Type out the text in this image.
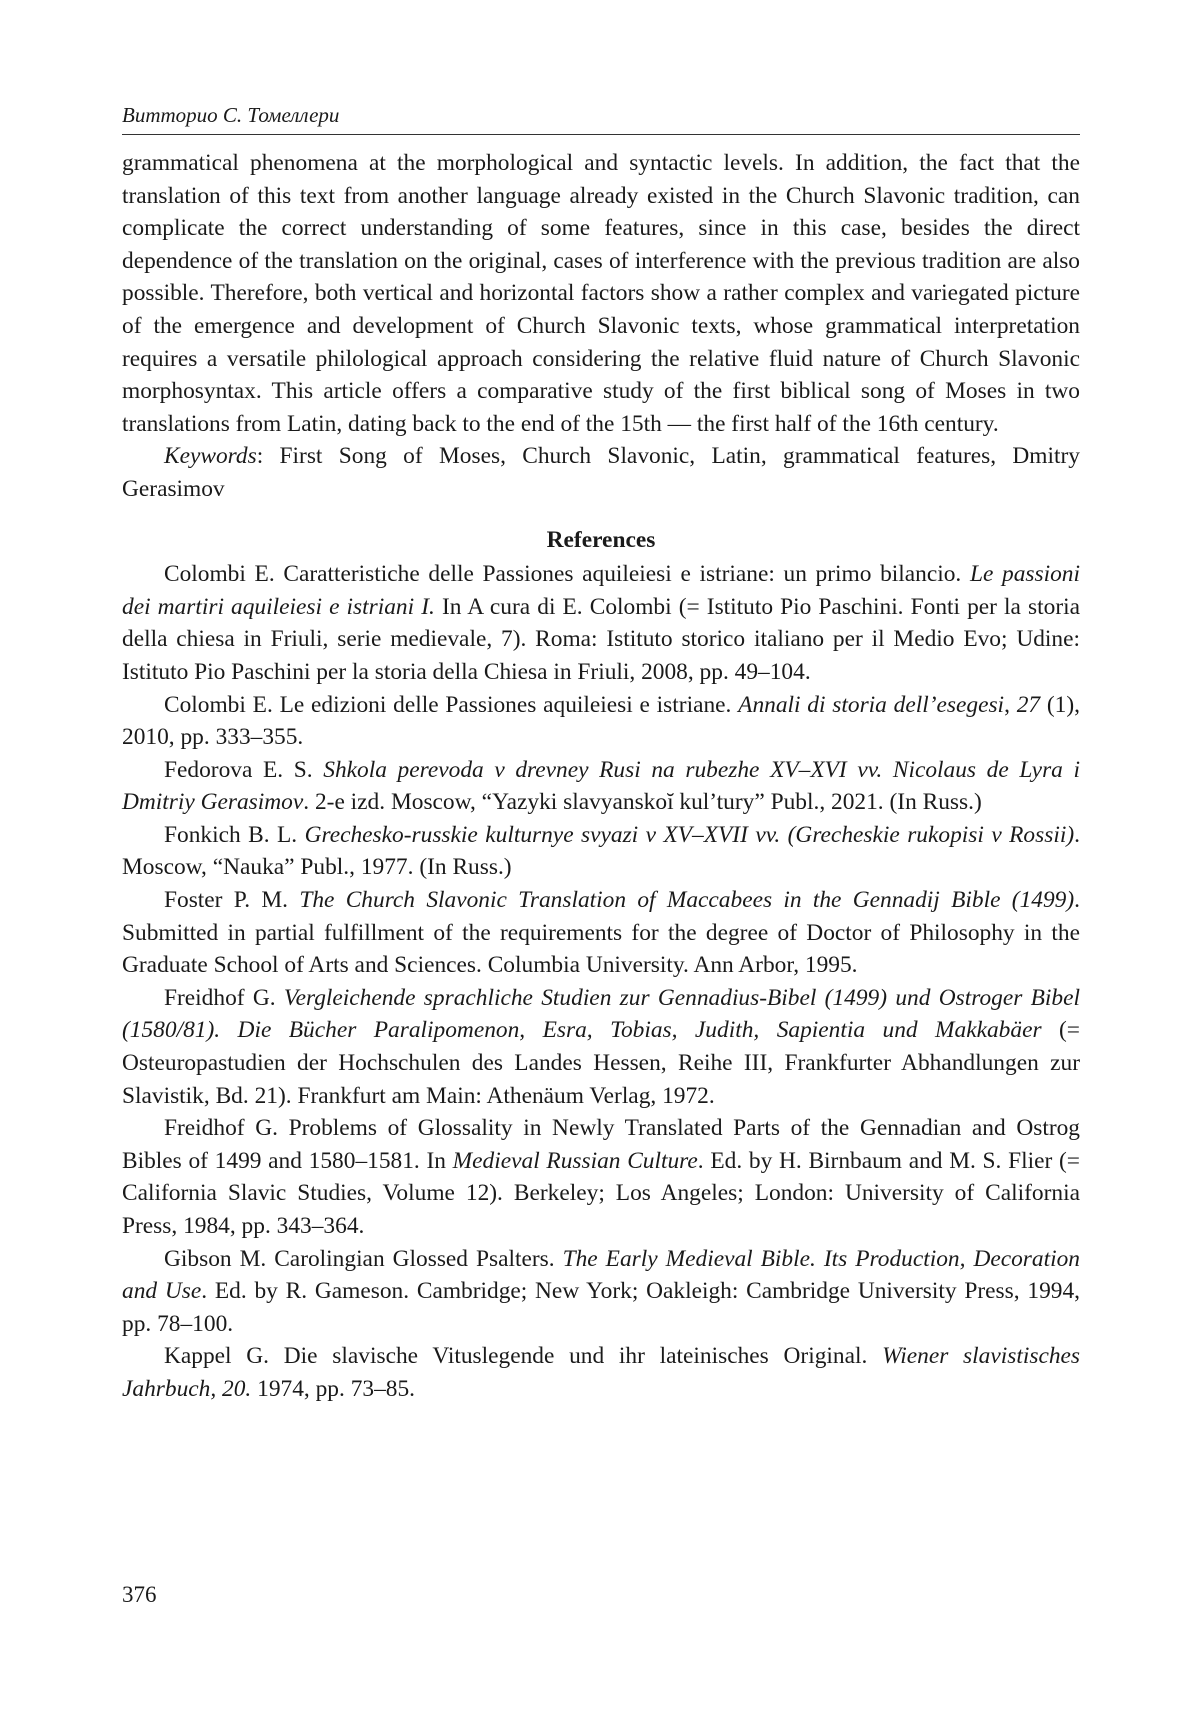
Витторио С. Томеллери

grammatical phenomena at the morphological and syntactic levels. In addition, the fact that the translation of this text from another language already existed in the Church Slavonic tradition, can complicate the correct understanding of some features, since in this case, besides the direct dependence of the translation on the original, cases of interference with the previous tradition are also possible. Therefore, both vertical and horizontal factors show a rather complex and variegated picture of the emergence and development of Church Slavonic texts, whose grammatical interpretation requires a versatile philological approach considering the relative fluid nature of Church Slavonic morphosyntax. This article offers a comparative study of the first biblical song of Moses in two translations from Latin, dating back to the end of the 15th — the first half of the 16th century.

Keywords: First Song of Moses, Church Slavonic, Latin, grammatical features, Dmitry Gerasimov

References

Colombi E. Caratteristiche delle Passiones aquileiesi e istriane: un primo bilancio. Le passioni dei martiri aquileiesi e istriani I. In A cura di E. Colombi (= Istituto Pio Paschini. Fonti per la storia della chiesa in Friuli, serie medievale, 7). Roma: Istituto storico italiano per il Medio Evo; Udine: Istituto Pio Paschini per la storia della Chiesa in Friuli, 2008, pp. 49–104.

Colombi E. Le edizioni delle Passiones aquileiesi e istriane. Annali di storia dell’esegesi, 27 (1), 2010, pp. 333–355.

Fedorova E. S. Shkola perevoda v drevney Rusi na rubezhe XV–XVI vv. Nicolaus de Lyra i Dmitriy Gerasimov. 2-e izd. Moscow, “Yazyki slavyanskoĭ kul’tury” Publ., 2021. (In Russ.)

Fonkich B. L. Grechesko-russkie kulturnye svyazi v XV–XVII vv. (Grecheskie rukopisi v Rossii). Moscow, “Nauka” Publ., 1977. (In Russ.)

Foster P. M. The Church Slavonic Translation of Maccabees in the Gennadij Bible (1499). Submitted in partial fulfillment of the requirements for the degree of Doctor of Philosophy in the Graduate School of Arts and Sciences. Columbia University. Ann Arbor, 1995.

Freidhof G. Vergleichende sprachliche Studien zur Gennadius-Bibel (1499) und Ostroger Bibel (1580/81). Die Bücher Paralipomenon, Esra, Tobias, Judith, Sapientia und Makkabäer (= Osteuropastudien der Hochschulen des Landes Hessen, Reihe III, Frankfurter Abhandlungen zur Slavistik, Bd. 21). Frankfurt am Main: Athenäum Verlag, 1972.

Freidhof G. Problems of Glossality in Newly Translated Parts of the Gennadian and Ostrog Bibles of 1499 and 1580–1581. In Medieval Russian Culture. Ed. by H. Birnbaum and M. S. Flier (= California Slavic Studies, Volume 12). Berkeley; Los Angeles; London: University of California Press, 1984, pp. 343–364.

Gibson M. Carolingian Glossed Psalters. The Early Medieval Bible. Its Production, Decoration and Use. Ed. by R. Gameson. Cambridge; New York; Oakleigh: Cambridge University Press, 1994, pp. 78–100.

Kappel G. Die slavische Vituslegende und ihr lateinisches Original. Wiener slavistisches Jahrbuch, 20. 1974, pp. 73–85.

376
